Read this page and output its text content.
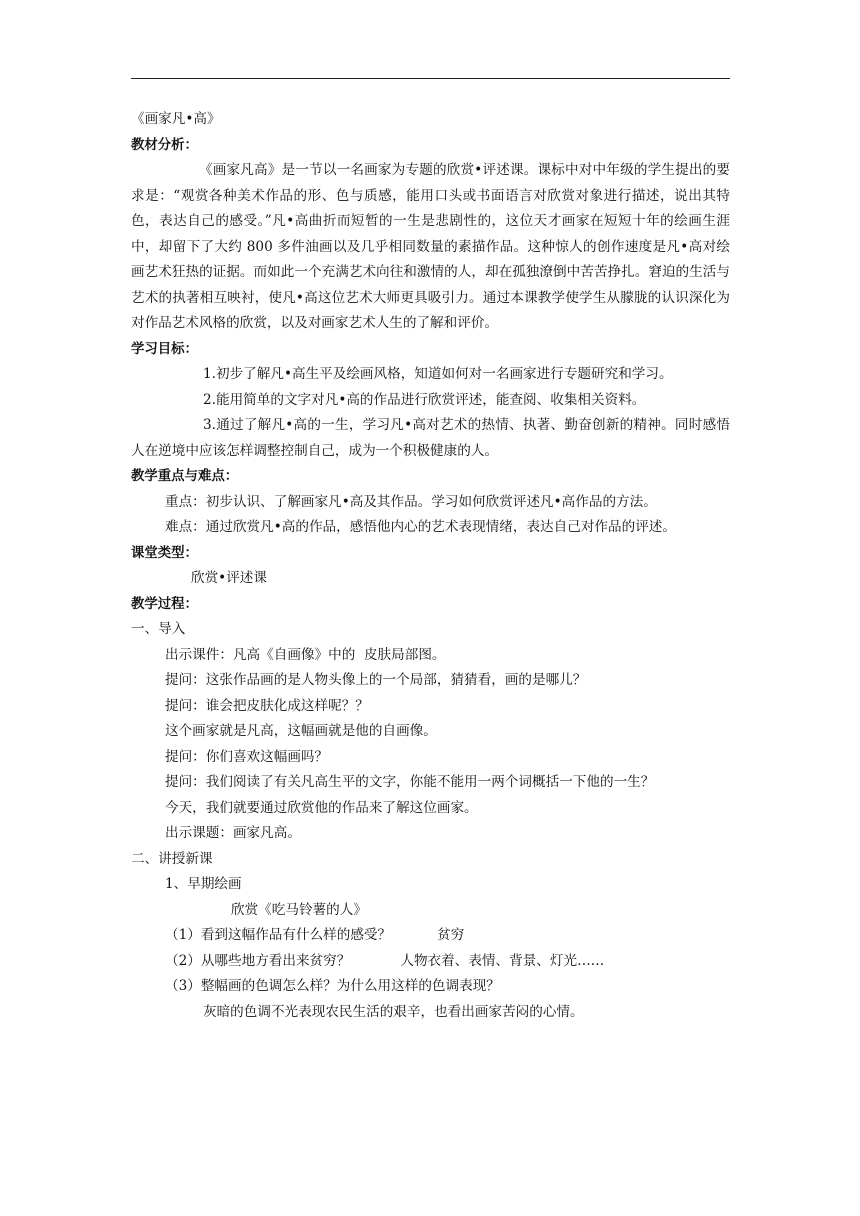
《画家凡•高》
教材分析：

《画家凡高》是一节以一名画家为专题的欣赏•评述课。课标中对中年级的学生提出的要求是：“观赏各种美术作品的形、色与质感，能用口头或书面语言对欣赏对象进行描述，说出其特色，表达自己的感受。”凡•高曲折而短暂的一生是悲剧性的，这位天才画家在短短十年的绘画生涯中，却留下了大约 800 多件油画以及几乎相同数量的素描作品。这种惊人的创作速度是凡•高对绘画艺术狂热的证据。而如此一个充满艺术向往和激情的人，却在孤独潦倒中苦苦挣扎。窘迫的生活与艺术的执著相互映衬，使凡•高这位艺术大师更具吸引力。通过本课教学使学生从朦胧的认识深化为对作品艺术风格的欣赏，以及对画家艺术人生的了解和评价。

学习目标：
1.初步了解凡•高生平及绘画风格，知道如何对一名画家进行专题研究和学习。
2.能用简单的文字对凡•高的作品进行欣赏评述，能查阅、收集相关资料。

3.通过了解凡•高的一生，学习凡•高对艺术的热情、执著、勤奋创新的精神。同时感悟人在逆境中应该怎样调整控制自己，成为一个积极健康的人。

教学重点与难点：
重点：初步认识、了解画家凡•高及其作品。学习如何欣赏评述凡•高作品的方法。

难点：通过欣赏凡•高的作品，感悟他内心的艺术表现情绪，表达自己对作品的评述。

课堂类型：
欣赏•评述课
教学过程：
一、导入
出示课件：凡高《自画像》中的  皮肤局部图。
提问：这张作品画的是人物头像上的一个局部，猜猜看，画的是哪儿？
提问：谁会把皮肤化成这样呢？？
这个画家就是凡高，这幅画就是他的自画像。
提问：你们喜欢这幅画吗？
提问：我们阅读了有关凡高生平的文字，你能不能用一两个词概括一下他的一生？
今天，我们就要通过欣赏他的作品来了解这位画家。
出示课题：画家凡高。
二、讲授新课
1、早期绘画
欣赏《吃马铃薯的人》
（1）看到这幅作品有什么样的感受？	贫穷
（2）从哪些地方看出来贫穷？	人物衣着、表情、背景、灯光……
（3）整幅画的色调怎么样？为什么用这样的色调表现？
灰暗的色调不光表现农民生活的艰辛，也看出画家苦闷的心情。
